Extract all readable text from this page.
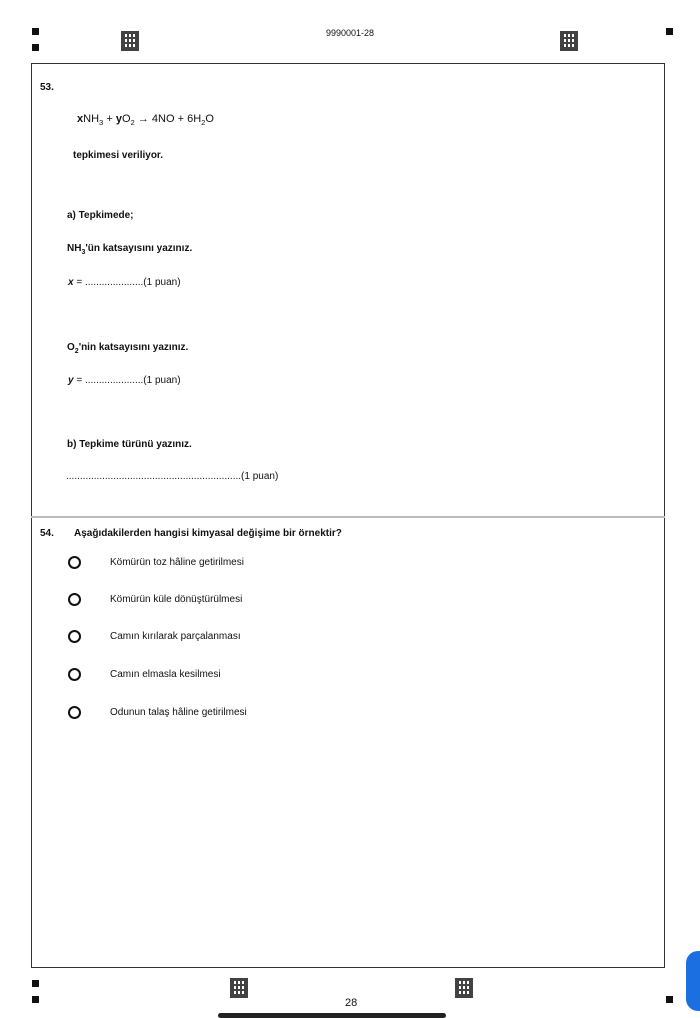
9990001-28
53.
$xNH_3 + yO_2 \to 4NO + 6H_2O$
tepkimesi veriliyor.
a) Tepkimede;
$NH_3'ün$ katsayısını yazınız.
x = .....................(1 puan)
$O_2'nin$ katsayısını yazınız.
y = .....................(1 puan)
b) Tepkime türünü yazınız.
...............................................................(1 puan)
54. Aşağıdakilerden hangisi kimyasal değişime bir örnektir?
Kömürün toz hâline getirilmesi
Kömürün küle dönüştürülmesi
Camın kırılarak parçalanması
Camın elmasla kesilmesi
Odunun talaş hâline getirilmesi
28
